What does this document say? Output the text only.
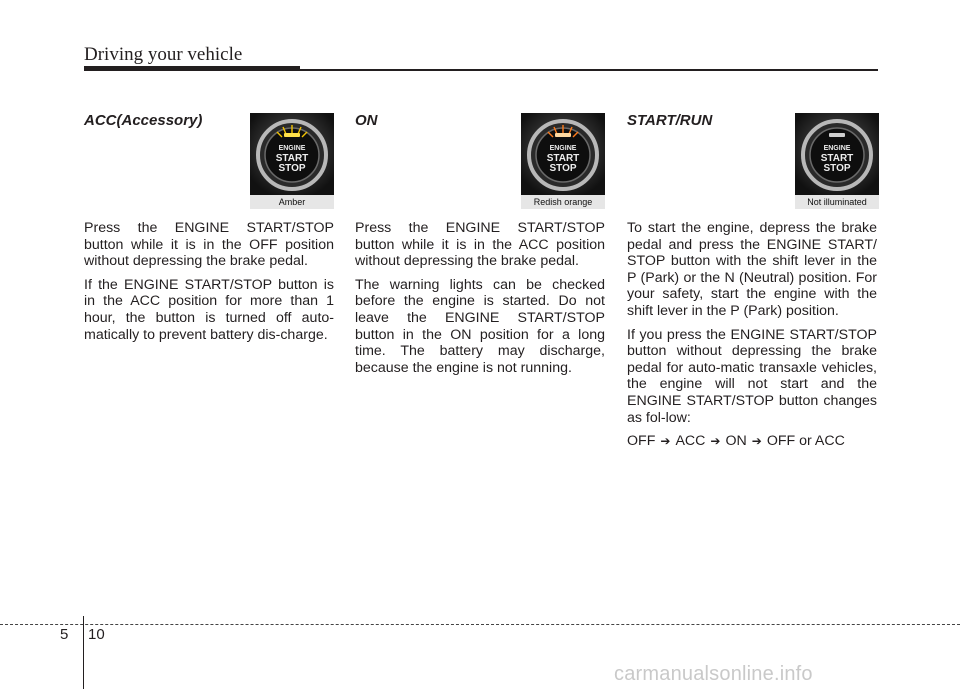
Driving your vehicle
ACC(Accessory)
ENGINE
START
STOP
Amber

Press the ENGINE START/STOP button while it is in the OFF position without depressing the brake pedal.

If the ENGINE START/STOP button is in the ACC position for more than 1 hour, the button is turned off auto-matically to prevent battery dis-charge.

ON
ENGINE
START
STOP
Redish orange

Press the ENGINE START/STOP button while it is in the ACC position without depressing the brake pedal.

The warning lights can be checked before the engine is started. Do not leave the ENGINE START/STOP button in the ON position for a long time. The battery may discharge, because the engine is not running.

START/RUN
ENGINE
START
STOP
Not illuminated

To start the engine, depress the brake pedal and press the ENGINE START/ STOP button with the shift lever in the P (Park) or the N (Neutral) position. For your safety, start the engine with the shift lever in the P (Park) position.

If you press the ENGINE START/STOP button without depressing the brake pedal for auto-matic transaxle vehicles, the engine will not start and the ENGINE START/STOP button changes as fol-low:

OFF ➔ ACC ➔ ON ➔ OFF or ACC
5 10
carmanualsonline.info
